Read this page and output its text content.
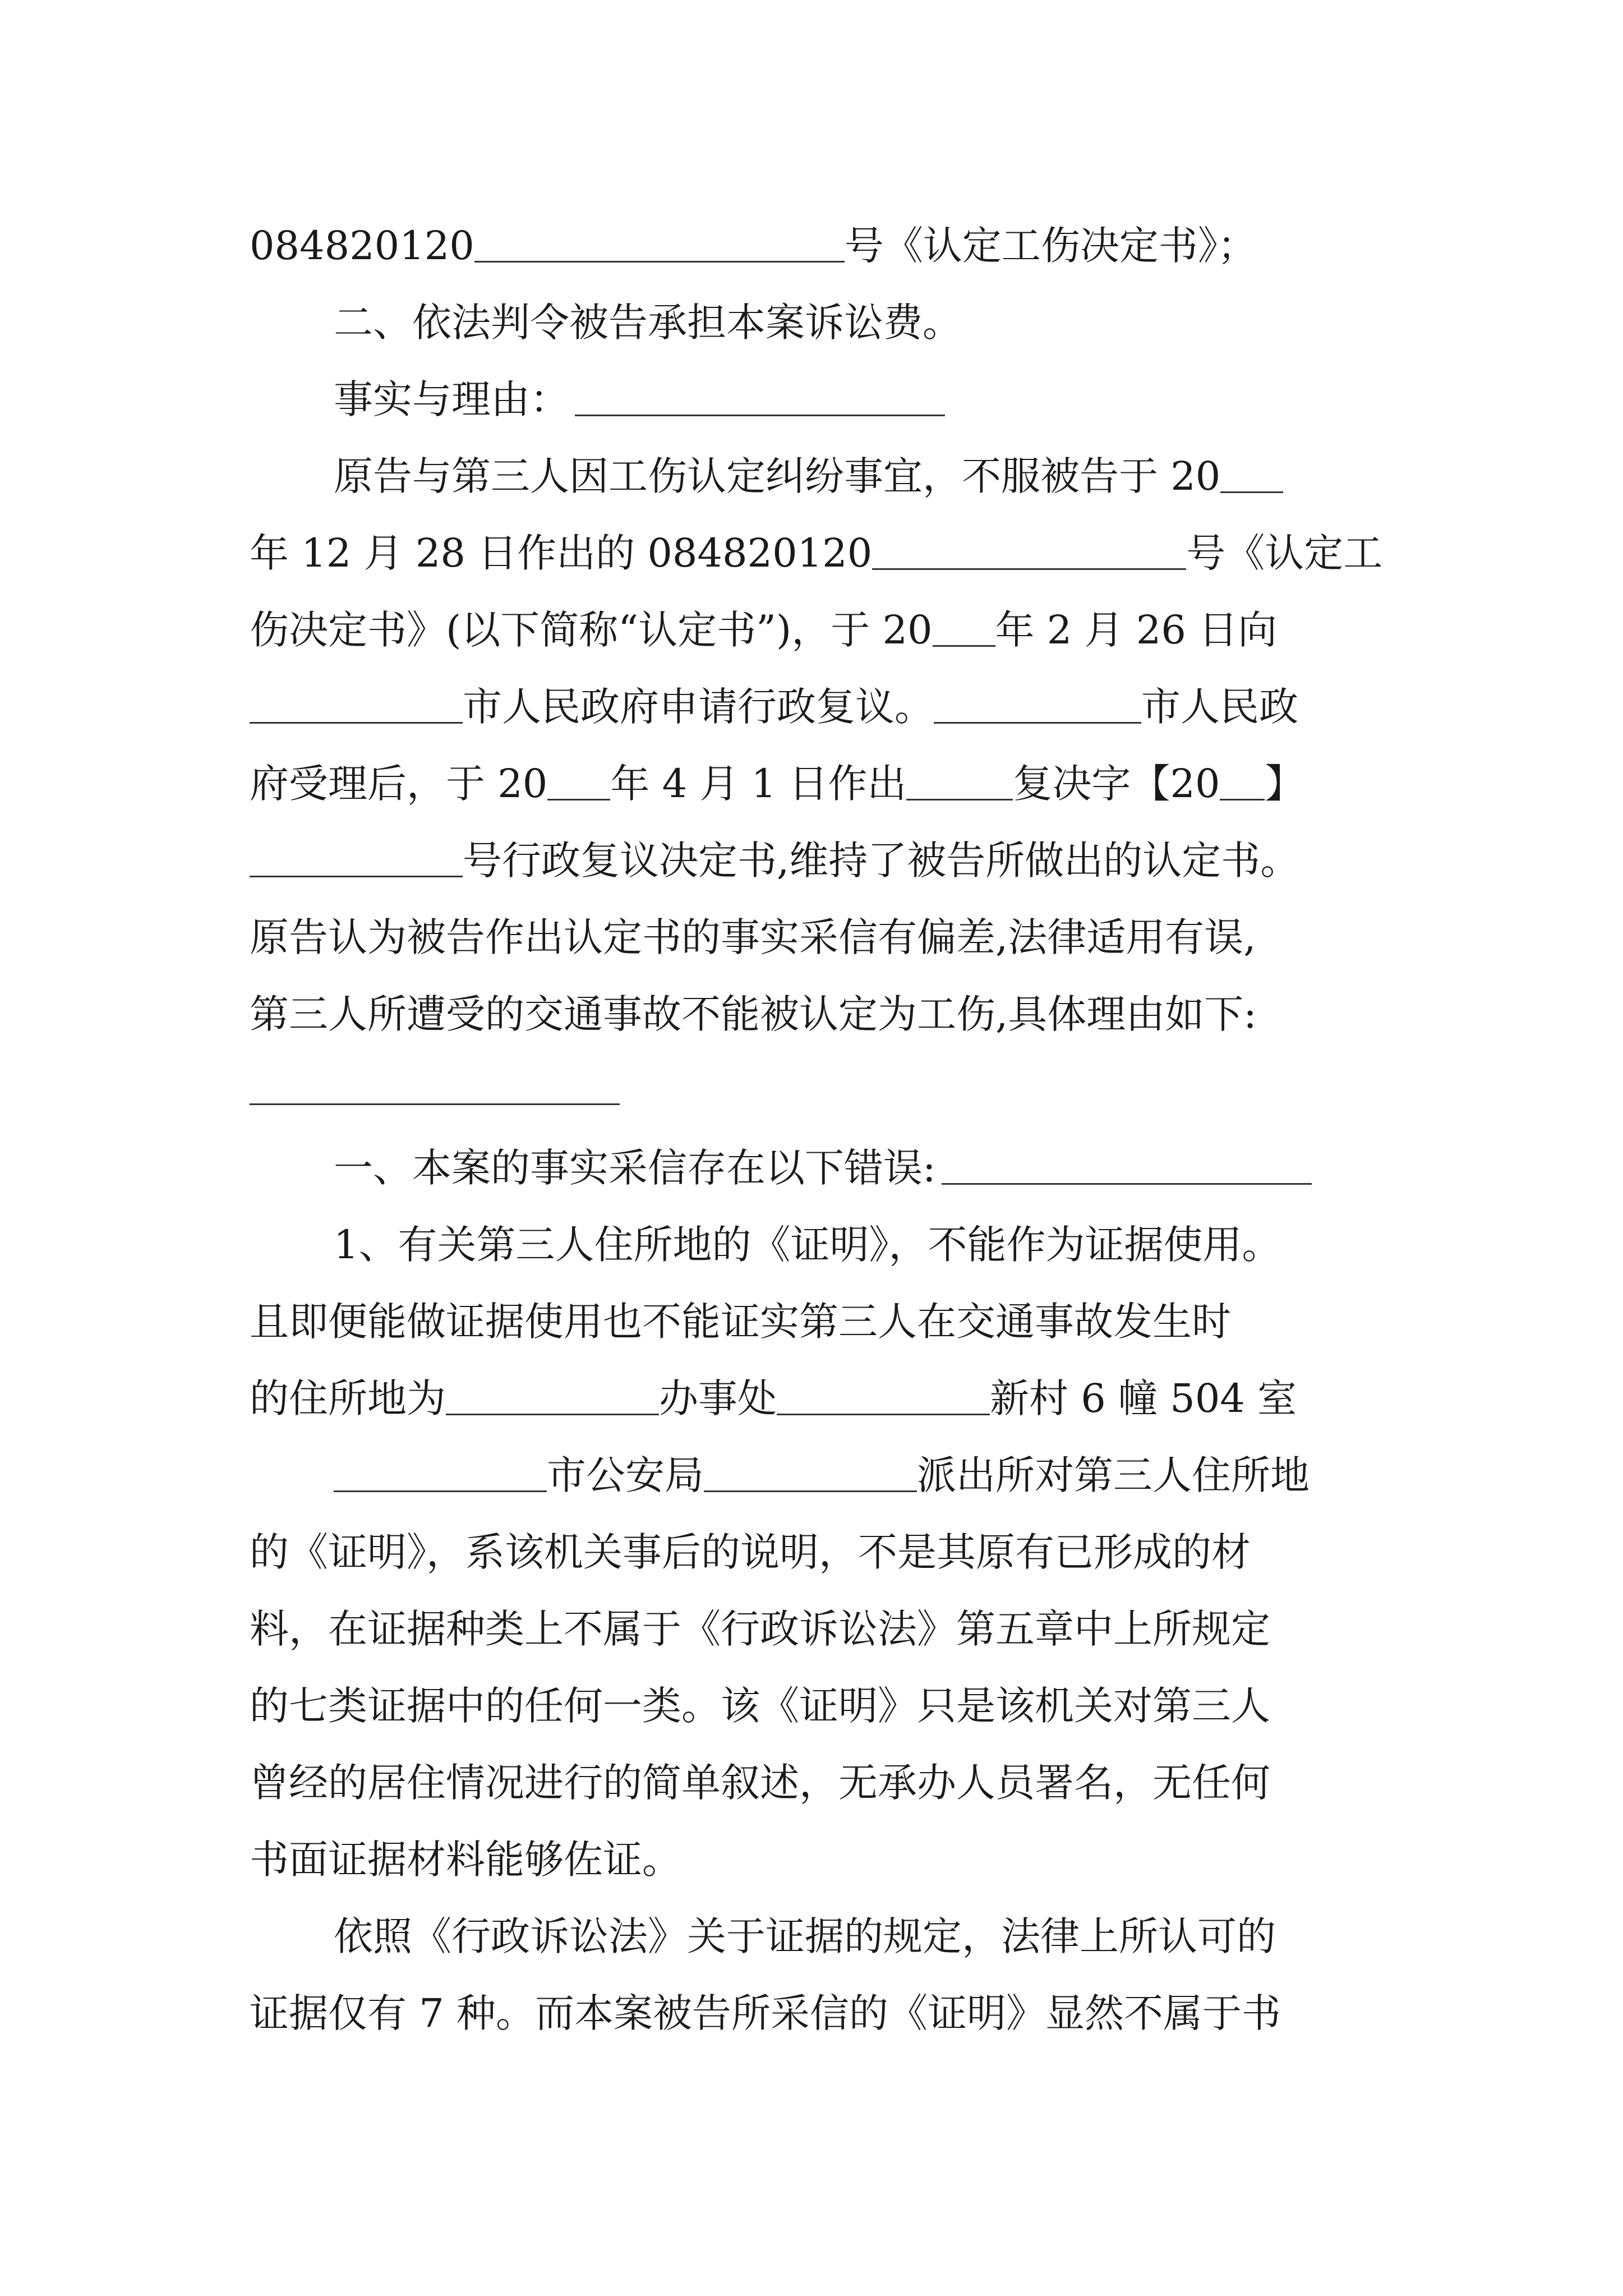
084820120	号《认定工伤决定书》；
二、依法判令被告承担本案诉讼费。
事实与理由：
原告与第三人因工伤认定纠纷事宜，不服被告于 20
年 12 月 28 日作出的 084820120	号《认定工
伤决定书》(以下简称“认定书”)，于 20 年 2 月 26 日向
市人民政府申请行政复议。	市人民政
府受理后，于 20 年 4 月 1 日作出	复决字【20 】
号行政复议决定书,维持了被告所做出的认定书。
原告认为被告作出认定书的事实采信有偏差,法律适用有误,
第三人所遭受的交通事故不能被认定为工伤,具体理由如下:
一、本案的事实采信存在以下错误:
1、有关第三人住所地的《证明》，不能作为证据使用。
且即便能做证据使用也不能证实第三人在交通事故发生时
的住所地为	办事处	新村 6 幢 504 室
市公安局	派出所对第三人住所地
的《证明》，系该机关事后的说明，不是其原有已形成的材
料，在证据种类上不属于《行政诉讼法》第五章中上所规定
的七类证据中的任何一类。该《证明》只是该机关对第三人
曾经的居住情况进行的简单叙述，无承办人员署名，无任何
书面证据材料能够佐证。
依照《行政诉讼法》关于证据的规定，法律上所认可的
证据仅有 7 种。而本案被告所采信的《证明》显然不属于书
